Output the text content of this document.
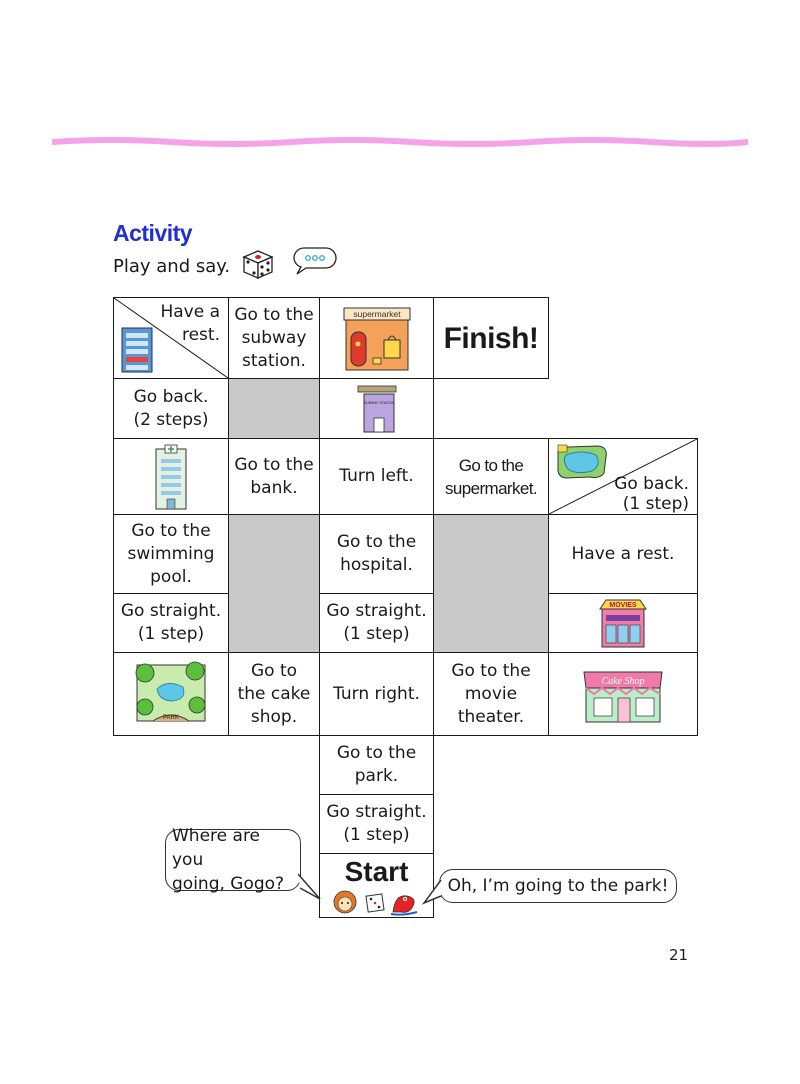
Activity
Play and say.
Have a
rest.
Go to the
subway
station.
supermarket
Finish!
Go back.
(2 steps)
SUBWAY STATION
Go to the
bank.
Turn left.
Go to the
supermarket.	Go back.
(1 step)
Go to the
swimming
pool.
Go to the
hospital.
Have a rest.
Go straight.
(1 step)
Go straight.
(1 step)
MOVIES
PARK
Go to
the cake
shop.
Turn right.
Go to the
movie
theater.
Cake Shop
Go to the
park.
Go straight.
(1 step)
Start
Where are you
going, Gogo?	Oh, I’m going to the park!
21
